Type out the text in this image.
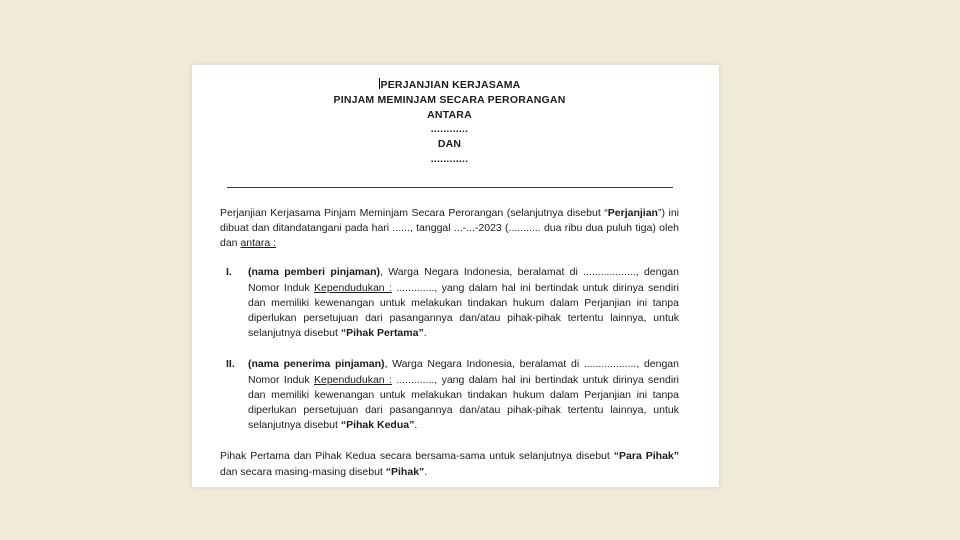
PERJANJIAN KERJASAMA
PINJAM MEMINJAM SECARA PERORANGAN
ANTARA
............
DAN
............

Perjanjian Kerjasama Pinjam Meminjam Secara Perorangan (selanjutnya disebut “Perjanjian”) ini dibuat dan ditandatangani pada hari ......, tanggal ...-...-2023 (........... dua ribu dua puluh tiga) oleh dan antara :

I.	(nama pemberi pinjaman), Warga Negara Indonesia, beralamat di .................., dengan Nomor Induk Kependudukan : ............., yang dalam hal ini bertindak untuk dirinya sendiri dan memiliki kewenangan untuk melakukan tindakan hukum dalam Perjanjian ini tanpa diperlukan persetujuan dari pasangannya dan/atau pihak-pihak tertentu lainnya, untuk selanjutnya disebut “Pihak Pertama”.

II.	(nama penerima pinjaman), Warga Negara Indonesia, beralamat di .................., dengan Nomor Induk Kependudukan : ............., yang dalam hal ini bertindak untuk dirinya sendiri dan memiliki kewenangan untuk melakukan tindakan hukum dalam Perjanjian ini tanpa diperlukan persetujuan dari pasangannya dan/atau pihak-pihak tertentu lainnya, untuk selanjutnya disebut “Pihak Kedua”.

Pihak Pertama dan Pihak Kedua secara bersama-sama untuk selanjutnya disebut “Para Pihak” dan secara masing-masing disebut “Pihak”.
